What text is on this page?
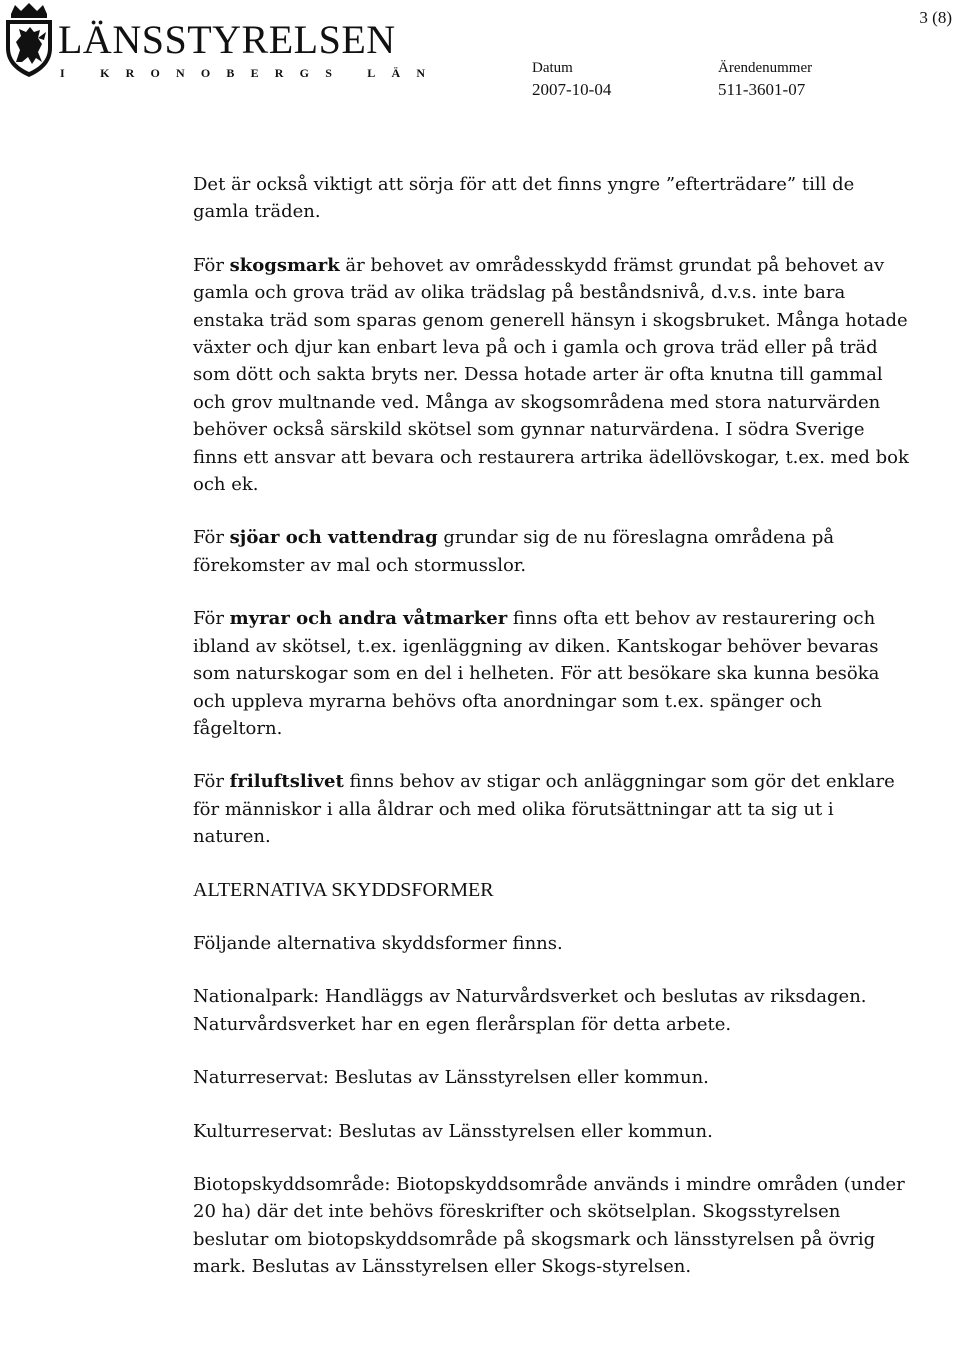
3 (8)
LÄNSSTYRELSEN
I KRONOBERGS LÄN	Datum
2007-10-04
Ärendenummer
511-3601-07

Det är också viktigt att sörja för att det finns yngre ”efterträdare” till de gamla träden.

För skogsmark är behovet av områdesskydd främst grundat på behovet av gamla och grova träd av olika trädslag på beståndsnivå, d.v.s. inte bara enstaka träd som sparas genom generell hänsyn i skogsbruket. Många hotade växter och djur kan enbart leva på och i gamla och grova träd eller på träd som dött och sakta bryts ner. Dessa hotade arter är ofta knutna till gammal och grov multnande ved. Många av skogsområdena med stora naturvärden behöver också särskild skötsel som gynnar naturvärdena. I södra Sverige finns ett ansvar att bevara och restaurera artrika ädellövskogar, t.ex. med bok och ek.

För sjöar och vattendrag grundar sig de nu föreslagna områdena på förekomster av mal och stormusslor.

För myrar och andra våtmarker finns ofta ett behov av restaurering och ibland av skötsel, t.ex. igenläggning av diken. Kantskogar behöver bevaras som naturskogar som en del i helheten. För att besökare ska kunna besöka och uppleva myrarna behövs ofta anordningar som t.ex. spänger och fågeltorn.

För friluftslivet finns behov av stigar och anläggningar som gör det enklare för människor i alla åldrar och med olika förutsättningar att ta sig ut i naturen.

ALTERNATIVA SKYDDSFORMER

Följande alternativa skyddsformer finns.

Nationalpark: Handläggs av Naturvårdsverket och beslutas av riksdagen. Naturvårdsverket har en egen flerårsplan för detta arbete.

Naturreservat: Beslutas av Länsstyrelsen eller kommun.

Kulturreservat: Beslutas av Länsstyrelsen eller kommun.

Biotopskyddsområde: Biotopskyddsområde används i mindre områden (under 20 ha) där det inte behövs föreskrifter och skötselplan. Skogsstyrelsen beslutar om biotopskyddsområde på skogsmark och länsstyrelsen på övrig mark. Beslutas av Länsstyrelsen eller Skogs-styrelsen.
